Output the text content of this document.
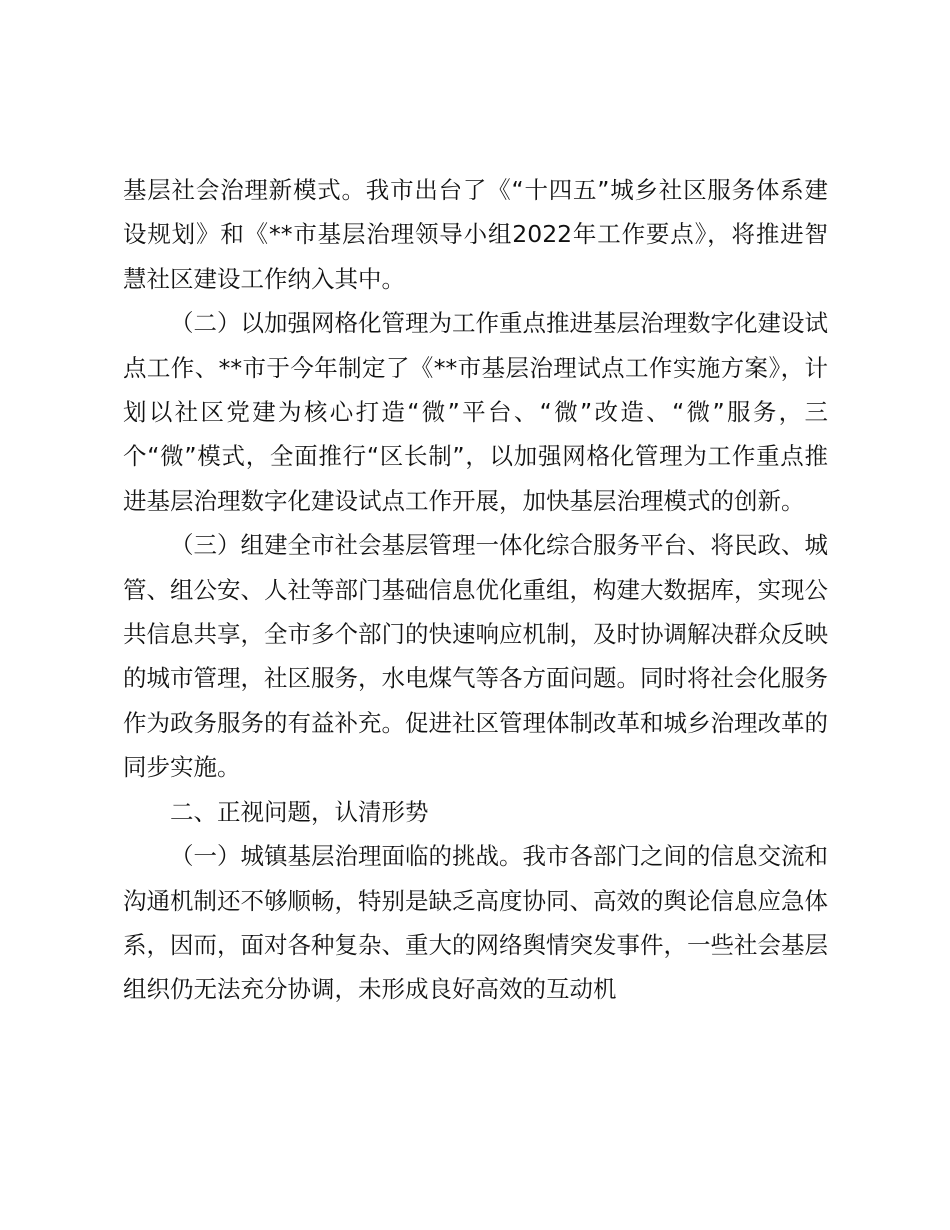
基层社会治理新模式。我市出台了《“十四五”城乡社区服务体系建设规划》和《**市基层治理领导小组2022年工作要点》，将推进智慧社区建设工作纳入其中。

（二）以加强网格化管理为工作重点推进基层治理数字化建设试点工作、**市于今年制定了《**市基层治理试点工作实施方案》，计划以社区党建为核心打造“微”平台、“微”改造、“微”服务，三个“微”模式，全面推行“区长制”，以加强网格化管理为工作重点推进基层治理数字化建设试点工作开展，加快基层治理模式的创新。

（三）组建全市社会基层管理一体化综合服务平台、将民政、城管、组公安、人社等部门基础信息优化重组，构建大数据库，实现公共信息共享，全市多个部门的快速响应机制，及时协调解决群众反映的城市管理，社区服务，水电煤气等各方面问题。同时将社会化服务作为政务服务的有益补充。促进社区管理体制改革和城乡治理改革的同步实施。

二、正视问题，认清形势

（一）城镇基层治理面临的挑战。我市各部门之间的信息交流和沟通机制还不够顺畅，特别是缺乏高度协同、高效的舆论信息应急体系，因而，面对各种复杂、重大的网络舆情突发事件，一些社会基层组织仍无法充分协调，未形成良好高效的互动机
